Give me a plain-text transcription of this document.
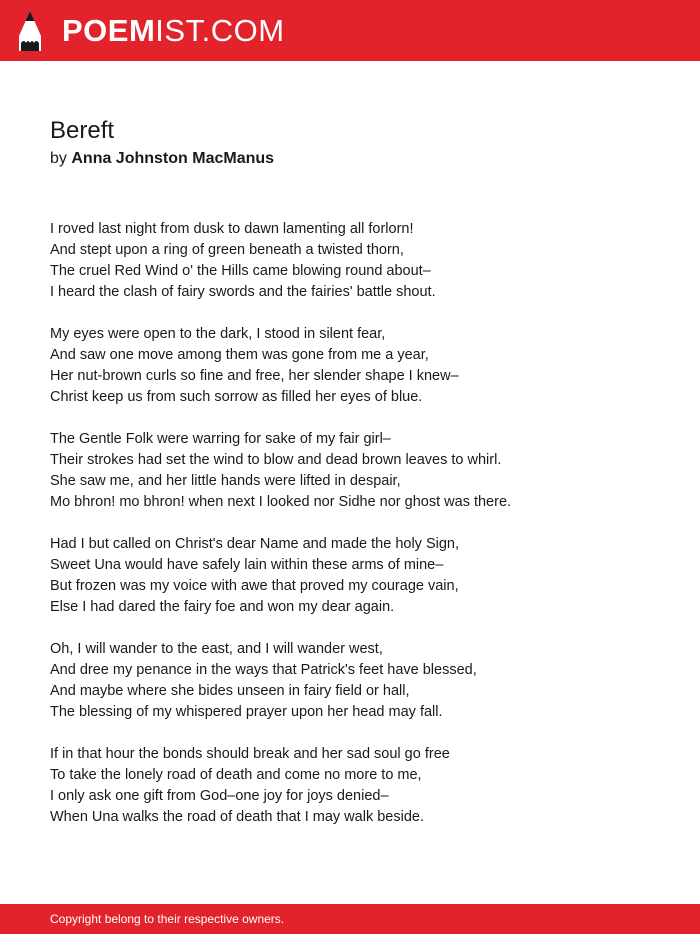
POEMIST.COM
Bereft
by Anna Johnston MacManus
I roved last night from dusk to dawn lamenting all forlorn!
And stept upon a ring of green beneath a twisted thorn,
The cruel Red Wind o' the Hills came blowing round about–
I heard the clash of fairy swords and the fairies' battle shout.
My eyes were open to the dark, I stood in silent fear,
And saw one move among them was gone from me a year,
Her nut-brown curls so fine and free, her slender shape I knew–
Christ keep us from such sorrow as filled her eyes of blue.
The Gentle Folk were warring for sake of my fair girl–
Their strokes had set the wind to blow and dead brown leaves to whirl.
She saw me, and her little hands were lifted in despair,
Mo bhron! mo bhron! when next I looked nor Sidhe nor ghost was there.
Had I but called on Christ's dear Name and made the holy Sign,
Sweet Una would have safely lain within these arms of mine–
But frozen was my voice with awe that proved my courage vain,
Else I had dared the fairy foe and won my dear again.
Oh, I will wander to the east, and I will wander west,
And dree my penance in the ways that Patrick's feet have blessed,
And maybe where she bides unseen in fairy field or hall,
The blessing of my whispered prayer upon her head may fall.
If in that hour the bonds should break and her sad soul go free
To take the lonely road of death and come no more to me,
I only ask one gift from God–one joy for joys denied–
When Una walks the road of death that I may walk beside.
Copyright belong to their respective owners.
